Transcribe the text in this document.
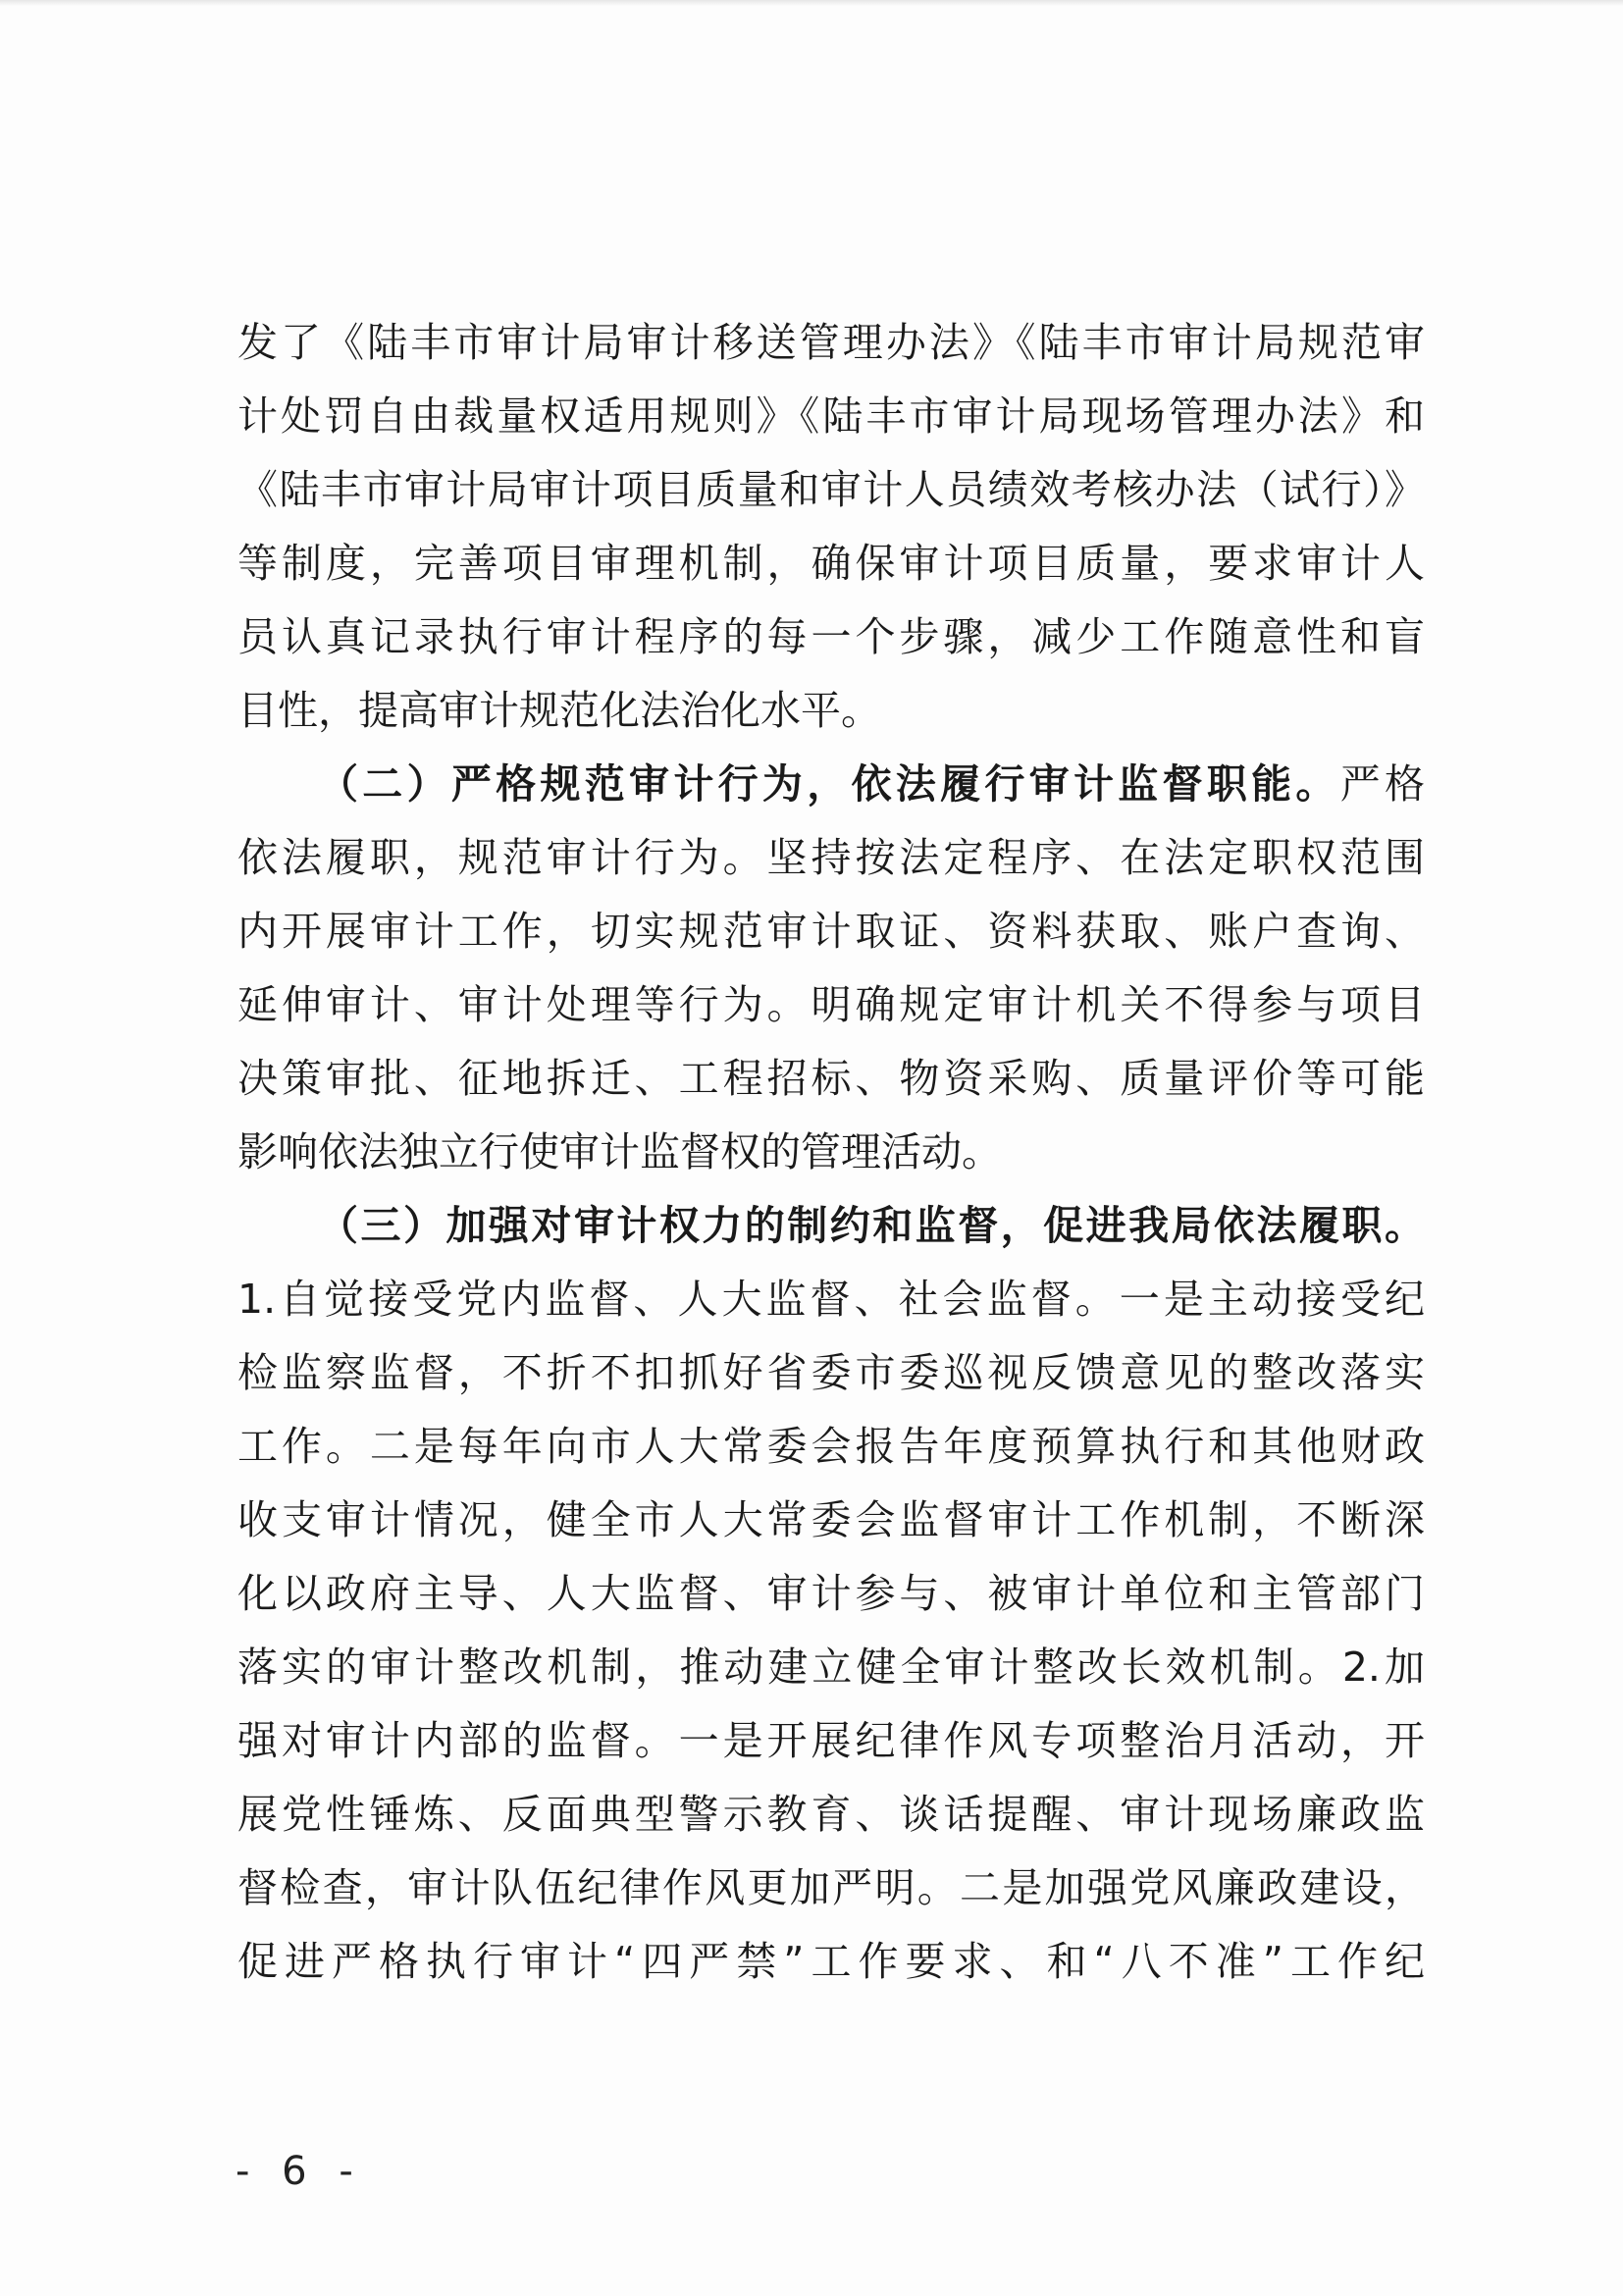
发了《陆丰市审计局审计移送管理办法》《陆丰市审计局规范审
计处罚自由裁量权适用规则》《陆丰市审计局现场管理办法》和
《陆丰市审计局审计项目质量和审计人员绩效考核办法（试行）》
等制度，完善项目审理机制，确保审计项目质量，要求审计人
员认真记录执行审计程序的每一个步骤，减少工作随意性和盲
目性，提高审计规范化法治化水平。
（二）严格规范审计行为，依法履行审计监督职能。严格
依法履职，规范审计行为。坚持按法定程序、在法定职权范围
内开展审计工作，切实规范审计取证、资料获取、账户查询、
延伸审计、审计处理等行为。明确规定审计机关不得参与项目
决策审批、征地拆迁、工程招标、物资采购、质量评价等可能
影响依法独立行使审计监督权的管理活动。
（三）加强对审计权力的制约和监督，促进我局依法履职。
1.自觉接受党内监督、人大监督、社会监督。一是主动接受纪
检监察监督，不折不扣抓好省委市委巡视反馈意见的整改落实
工作。二是每年向市人大常委会报告年度预算执行和其他财政
收支审计情况，健全市人大常委会监督审计工作机制，不断深
化以政府主导、人大监督、审计参与、被审计单位和主管部门
落实的审计整改机制，推动建立健全审计整改长效机制。2.加
强对审计内部的监督。一是开展纪律作风专项整治月活动，开
展党性锤炼、反面典型警示教育、谈话提醒、审计现场廉政监
督检查，审计队伍纪律作风更加严明。二是加强党风廉政建设，
促进严格执行审计“四严禁”工作要求、和“八不准”工作纪
- 6 -
